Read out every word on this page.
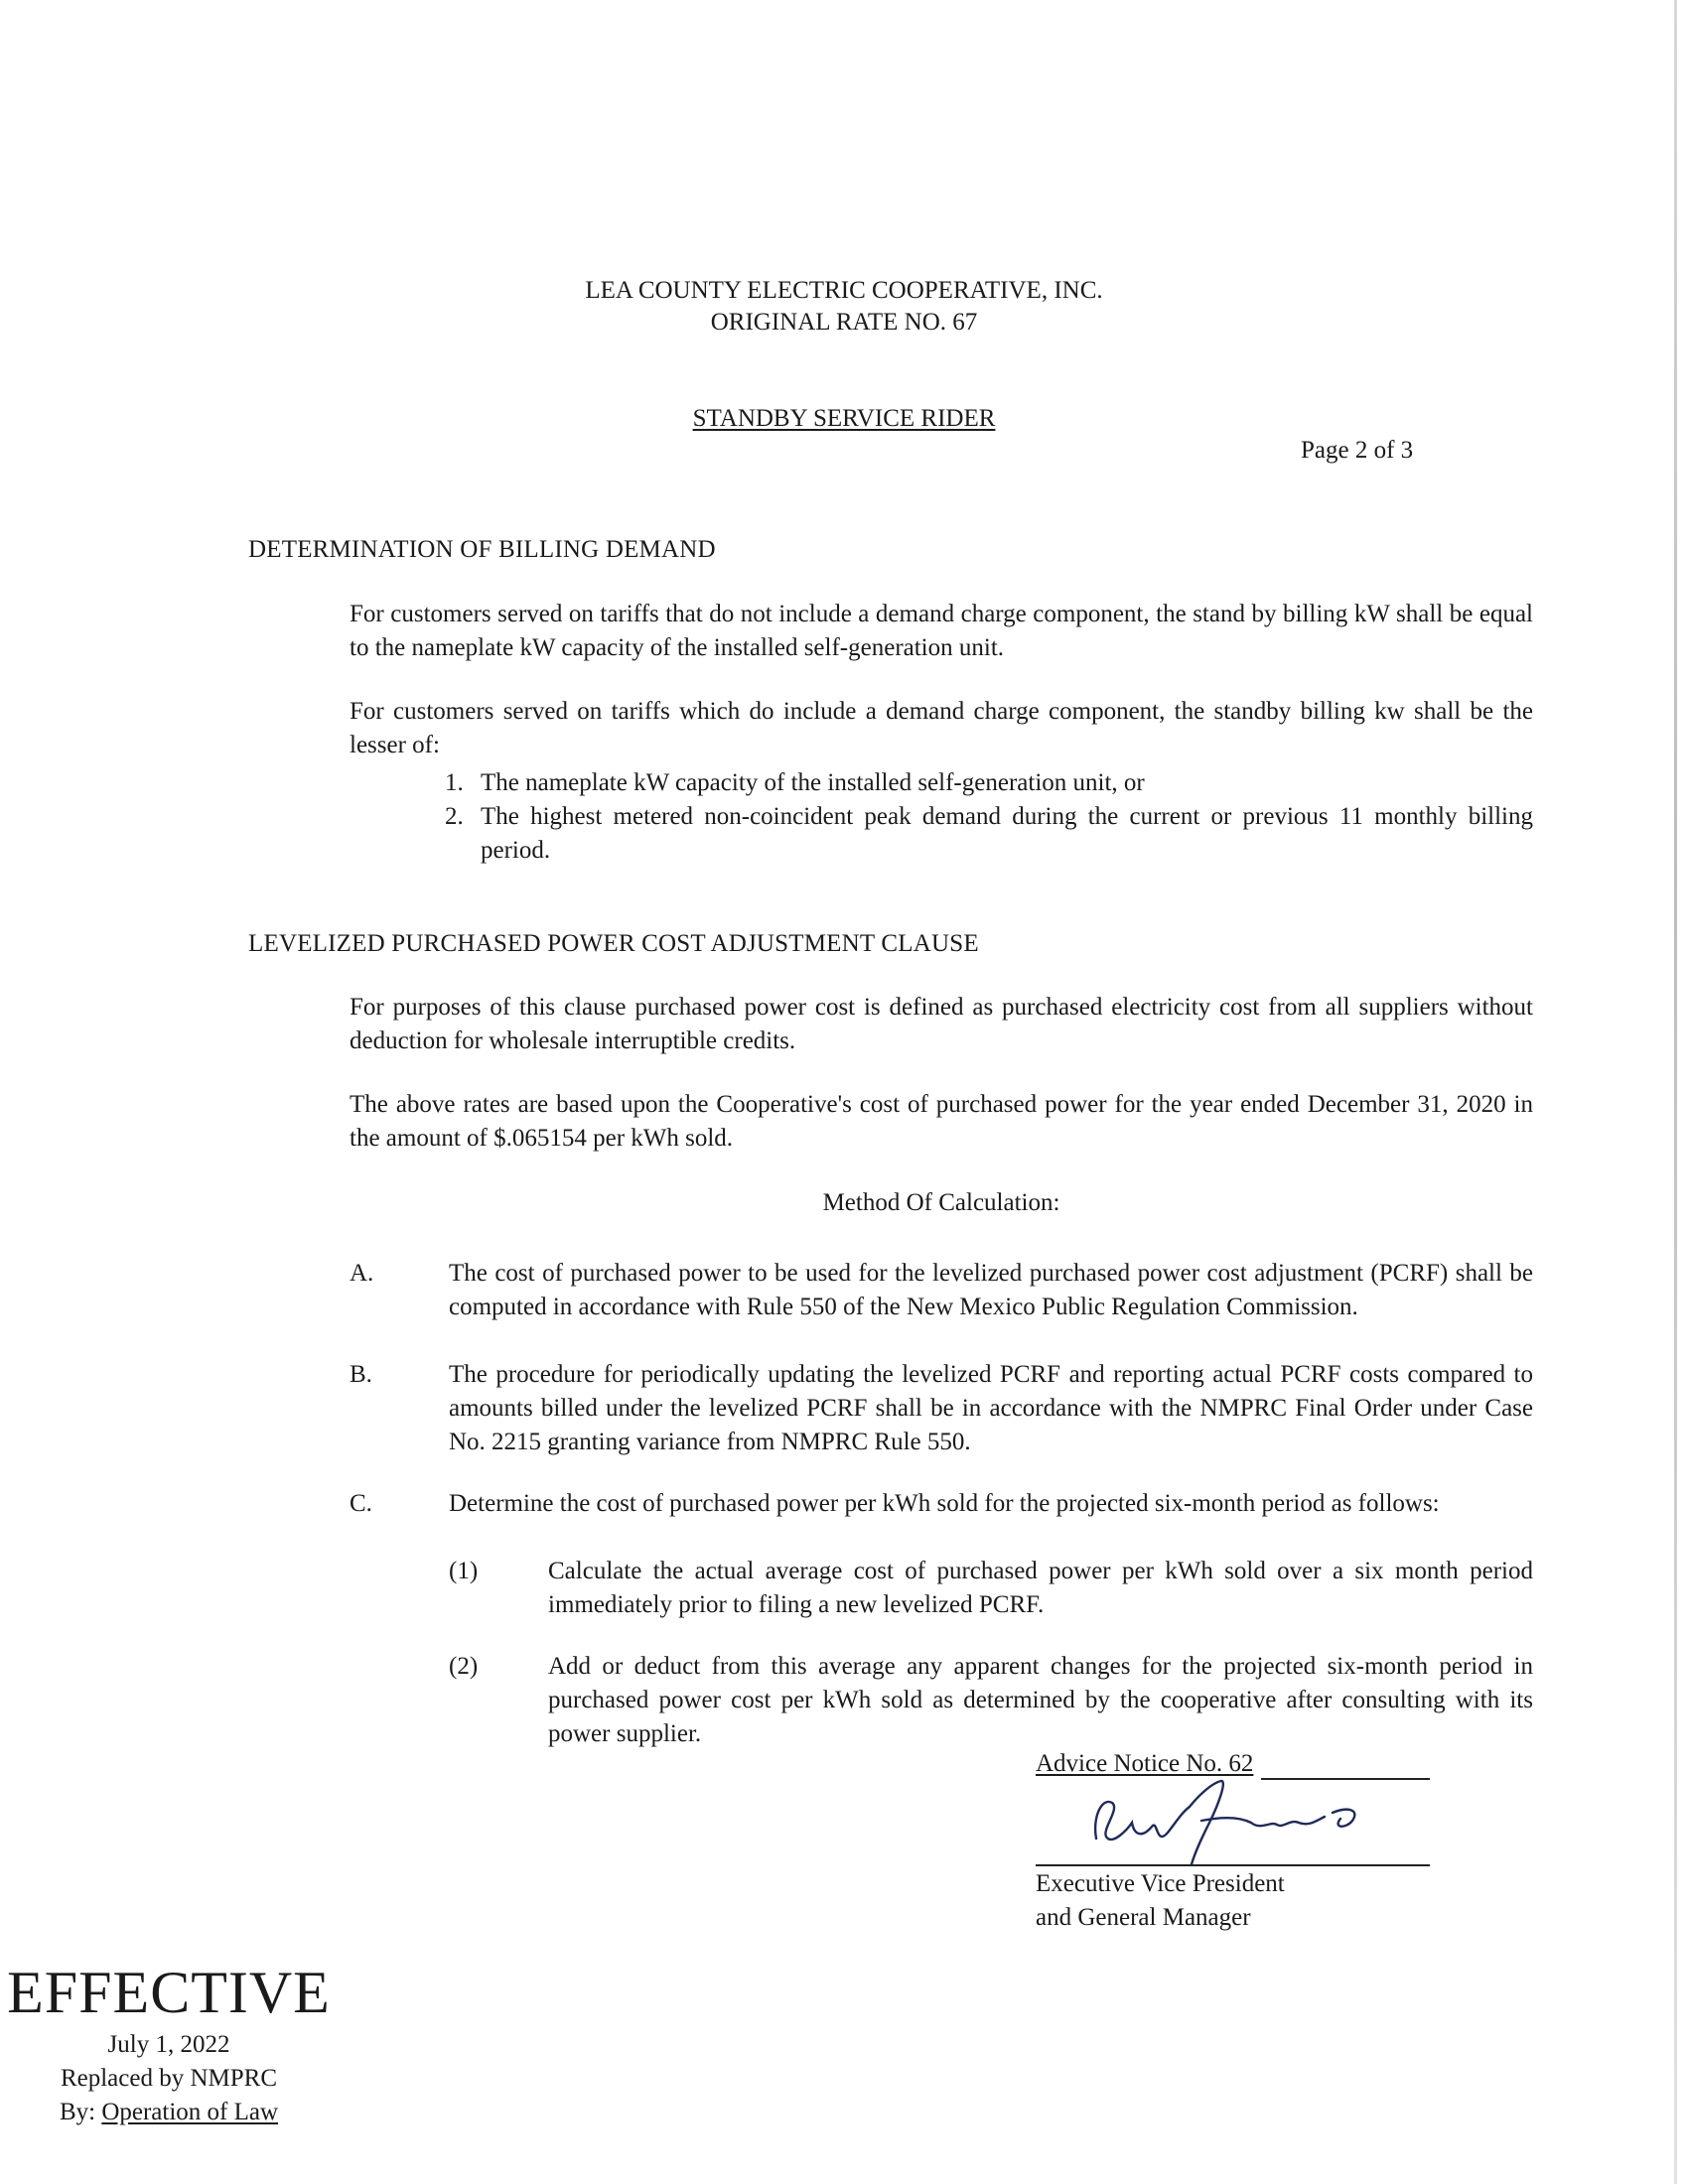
LEA COUNTY ELECTRIC COOPERATIVE, INC.
ORIGINAL RATE NO. 67
STANDBY SERVICE RIDER
Page 2 of 3
DETERMINATION OF BILLING DEMAND
For customers served on tariffs that do not include a demand charge component, the stand by billing kW shall be equal to the nameplate kW capacity of the installed self-generation unit.
For customers served on tariffs which do include a demand charge component, the standby billing kw shall be the lesser of:
1. The nameplate kW capacity of the installed self-generation unit, or
2. The highest metered non-coincident peak demand during the current or previous 11 monthly billing period.
LEVELIZED PURCHASED POWER COST ADJUSTMENT CLAUSE
For purposes of this clause purchased power cost is defined as purchased electricity cost from all suppliers without deduction for wholesale interruptible credits.
The above rates are based upon the Cooperative's cost of purchased power for the year ended December 31, 2020 in the amount of $.065154 per kWh sold.
Method Of Calculation:
A.	The cost of purchased power to be used for the levelized purchased power cost adjustment (PCRF) shall be computed in accordance with Rule 550 of the New Mexico Public Regulation Commission.
B.	The procedure for periodically updating the levelized PCRF and reporting actual PCRF costs compared to amounts billed under the levelized PCRF shall be in accordance with the NMPRC Final Order under Case No. 2215 granting variance from NMPRC Rule 550.
C.	Determine the cost of purchased power per kWh sold for the projected six-month period as follows:
(1)	Calculate the actual average cost of purchased power per kWh sold over a six month period immediately prior to filing a new levelized PCRF.
(2)	Add or deduct from this average any apparent changes for the projected six-month period in purchased power cost per kWh sold as determined by the cooperative after consulting with its power supplier.
Advice Notice No. 62
Executive Vice President
and General Manager
EFFECTIVE
July 1, 2022
Replaced by NMPRC
By: Operation of Law
